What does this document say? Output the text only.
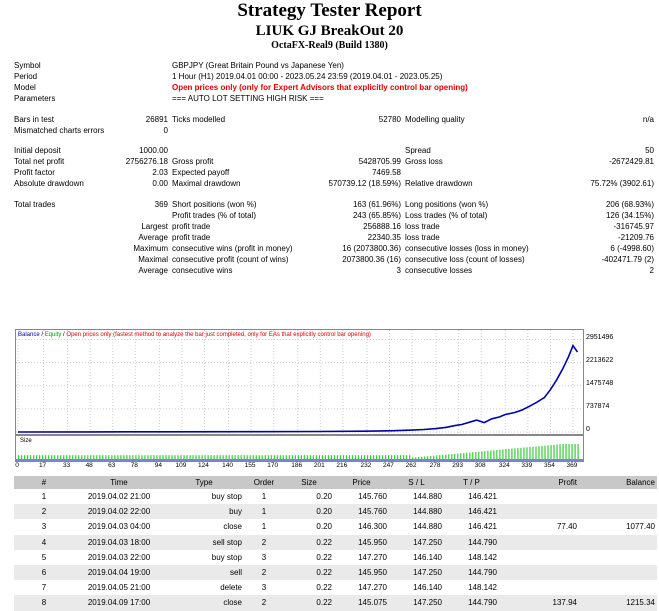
Strategy Tester Report
LIUK GJ BreakOut 20
OctaFX-Real9 (Build 1380)
Symbol			GBPJPY (Great Britain Pound vs Japanese Yen)				
Period			1 Hour (H1) 2019.04.01 00:00 - 2023.05.24 23:59 (2019.04.01 - 2023.05.25)				
Model			Open prices only (only for Expert Advisors that explicitly control bar opening)				
Parameters			=== AUTO LOT SETTING HIGH RISK ===				

Bars in test	26891		Ticks modelled	52780		Modelling quality	n/a
Mismatched charts errors	0						

Initial deposit	1000.00					Spread	50
Total net profit	2756276.18		Gross profit	5428705.99		Gross loss	-2672429.81
Profit factor	2.03		Expected payoff	7469.58			
Absolute drawdown	0.00		Maximal drawdown	570739.12 (18.59%)		Relative drawdown	75.72% (3902.61)

Total trades	369		Short positions (won %)	163 (61.96%)		Long positions (won %)	206 (68.93%)
			Profit trades (% of total)	243 (65.85%)		Loss trades (% of total)	126 (34.15%)
Largest			profit trade	256888.16		loss trade	-316745.97
Average			profit trade	22340.35		loss trade	-21209.76
Maximum			consecutive wins (profit in money)	16 (2073800.36)		consecutive losses (loss in money)	6 (-4998.60)
Maximal			consecutive profit (count of wins)	2073800.36 (16)		consecutive loss (count of losses)	-402471.79 (2)
Average			consecutive wins	3		consecutive losses	2
Balance / Equity / Open prices only (fastest method to analyze the bar just completed, only for EAs that explicitly control bar opening)	2951496
2213622
1475748
737874
0
Size
0	17	33 48 63 78	94 109 124 140 155 170 186 201 216 232 247 262 278 293 308 324 339 354 369
#	Time	Type	Order	Size	Price	S / L	T / P	Profit	Balance
1	2019.04.02 21:00	buy stop	1	0.20	145.760	144.880	146.421		
2	2019.04.02 22:00	buy	1	0.20	145.760	144.880	146.421		
3	2019.04.03 04:00	close	1	0.20	146.300	144.880	146.421	77.40	1077.40
4	2019.04.03 18:00	sell stop	2	0.22	145.950	147.250	144.790		
5	2019.04.03 22:00	buy stop	3	0.22	147.270	146.140	148.142		
6	2019.04.04 19:00	sell	2	0.22	145.950	147.250	144.790		
7	2019.04.05 21:00	delete	3	0.22	147.270	146.140	148.142		
8	2019.04.09 17:00	close	2	0.22	145.075	147.250	144.790	137.94	1215.34
